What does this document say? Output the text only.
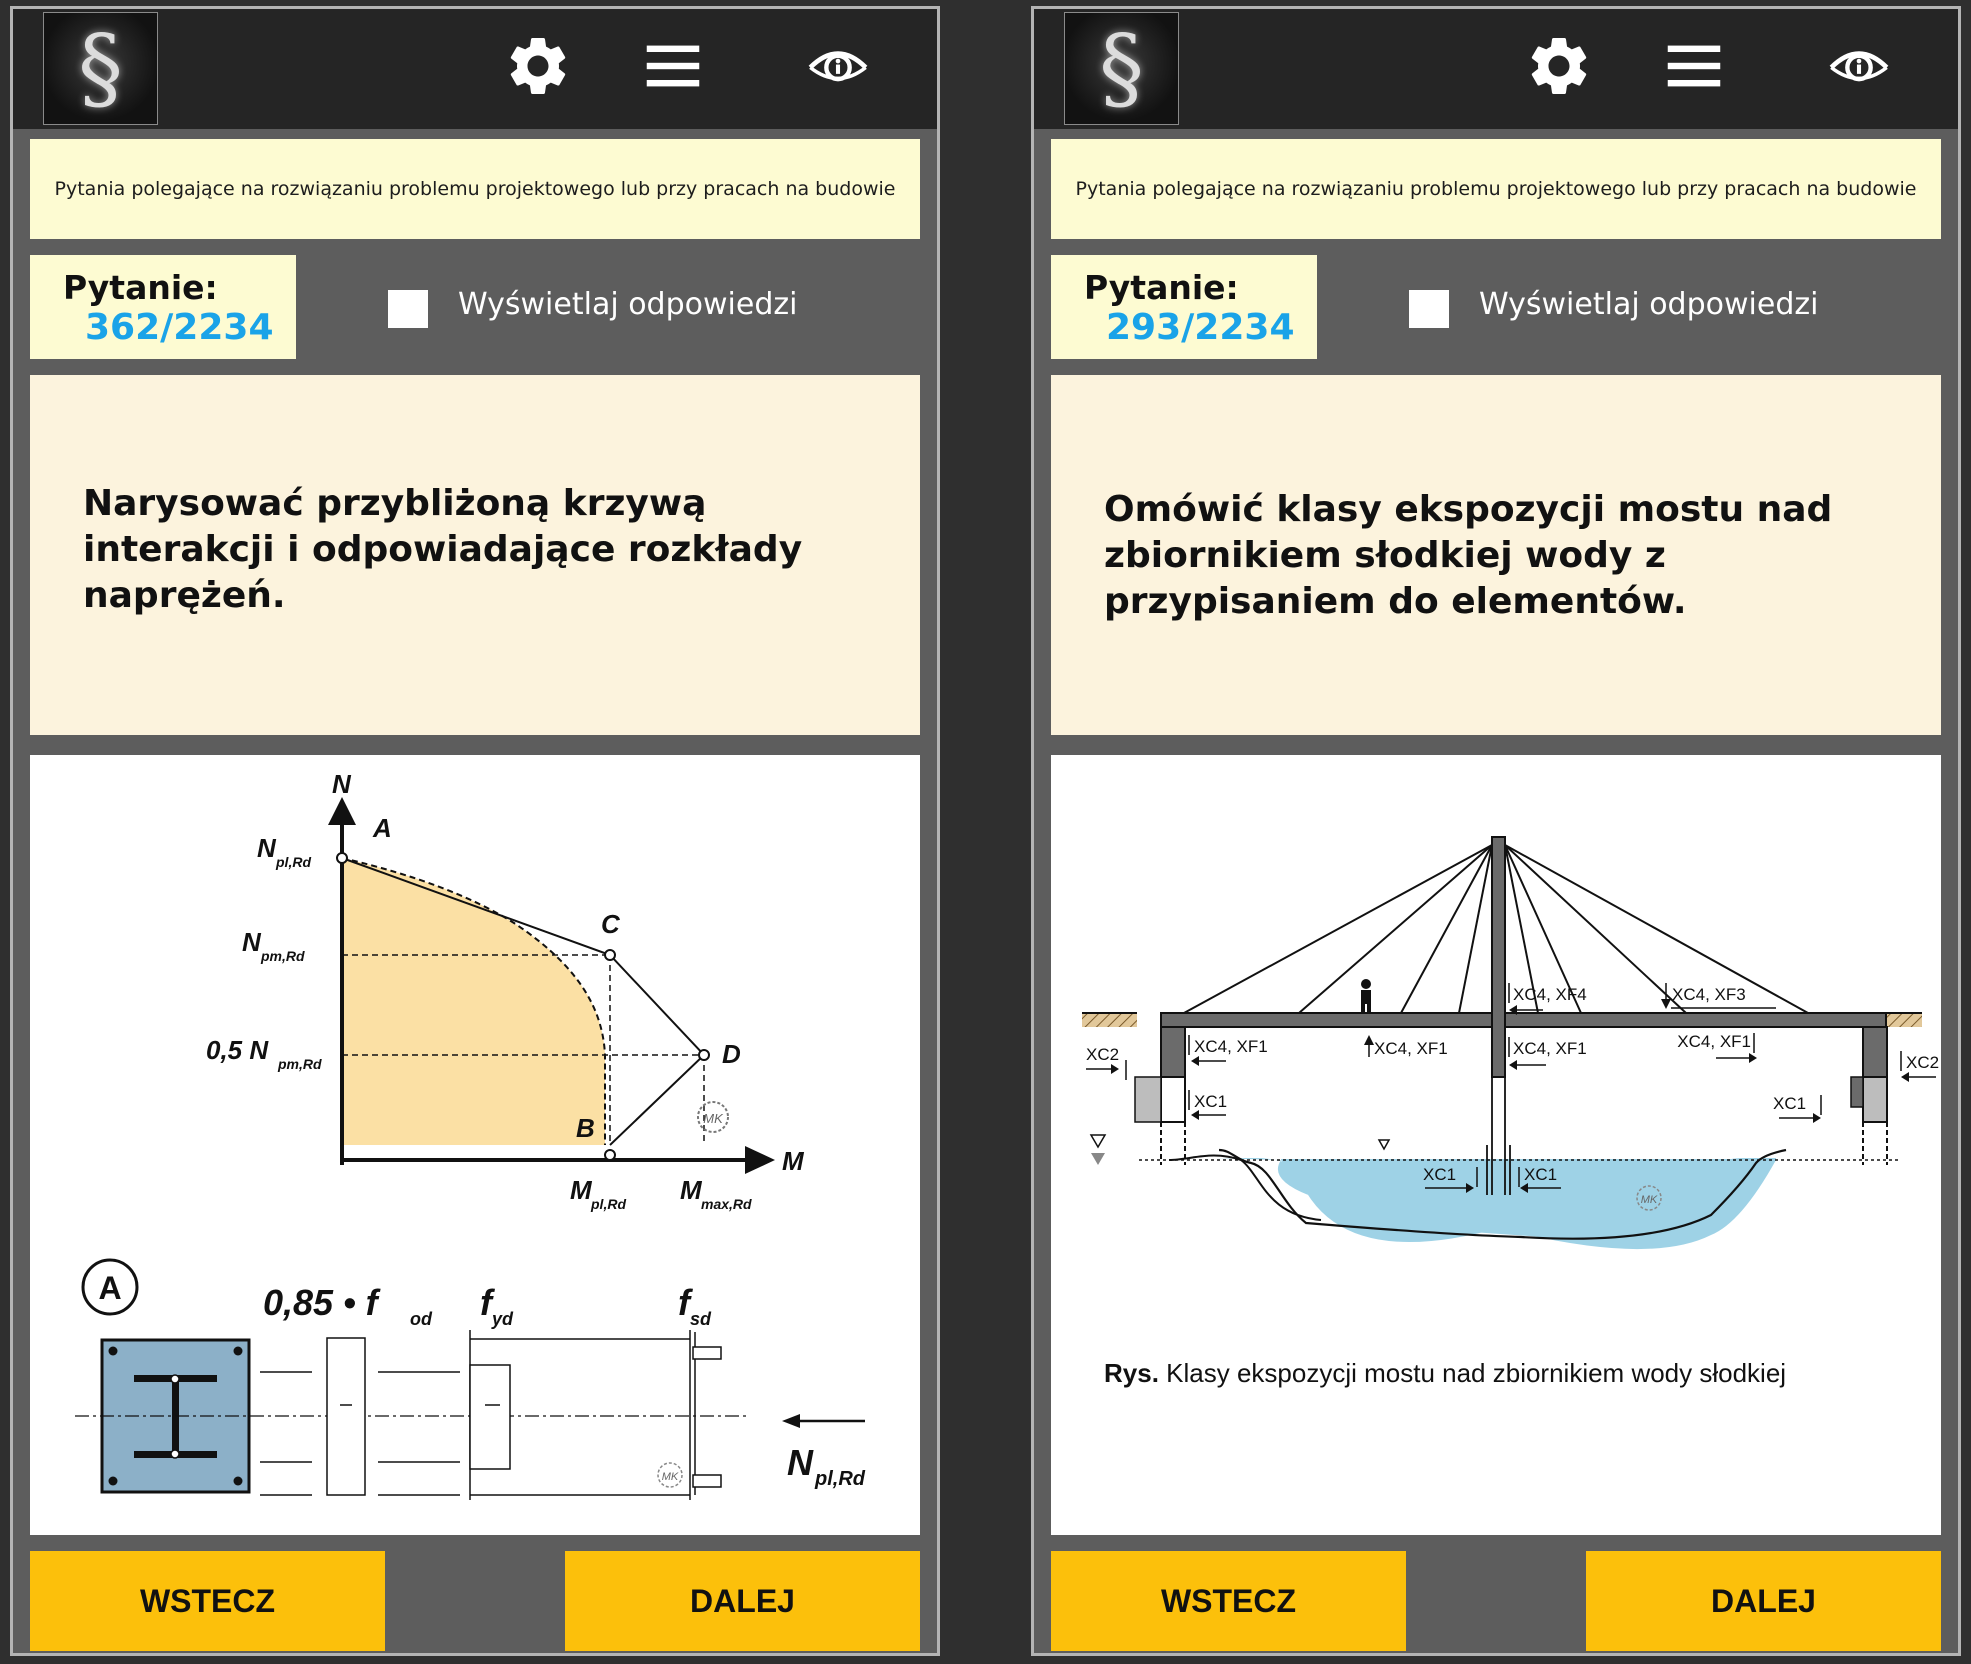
§
Pytania polegające na rozwiązaniu problemu projektowego lub przy pracach na budowie
Pytanie:
362/2234
Wyświetlaj odpowiedzi

Narysować przybliżoną krzywą interakcji i odpowiadające rozkłady naprężeń.

MK
N
M
A
C
D
B
N pl,Rd
N pm,Rd
0,5 N pm,Rd
M pl,Rd M max,Rd
A
MK
0,85 • f od f yd	f sd
N pl,Rd
WSTECZ	DALEJ
§
Pytania polegające na rozwiązaniu problemu projektowego lub przy pracach na budowie
Pytanie:
293/2234
Wyświetlaj odpowiedzi

Omówić klasy ekspozycji mostu nad zbiornikiem słodkiej wody z przypisaniem do elementów.

XC4, XF4	XC4, XF3
XC4, XF1	XC4, XF1	XC4, XF1	XC4, XF1
XC2	XC2
XC1	XC1
XC1	XC1
MK
Rys. Klasy ekspozycji mostu nad zbiornikiem wody słodkiej
WSTECZ	DALEJ
